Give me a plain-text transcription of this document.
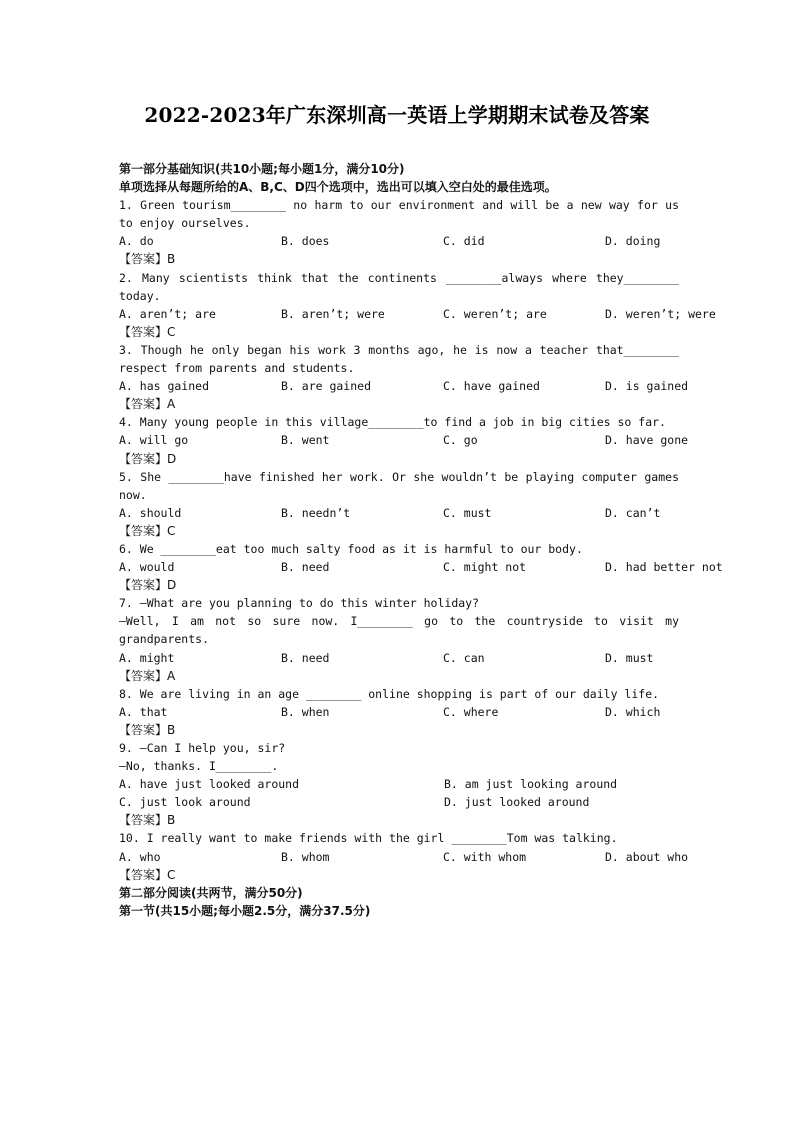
2022-2023年广东深圳高一英语上学期期末试卷及答案
第一部分基础知识(共10小题;每小题1分，满分10分)
单项选择从每题所给的A、B,C、D四个选项中，选出可以填入空白处的最佳选项。
1. Green tourism________ no harm to our environment and will be a new way for us to enjoy ourselves.
A. do	B. does	C. did	D. doing
【答案】B
2. Many scientists think that the continents ________always where they________ today.
A. aren’t; are	B. aren’t; were	C. weren’t; are	D. weren’t; were
【答案】C
3. Though he only began his work 3 months ago, he is now a teacher that________ respect from parents and students.
A. has gained	B. are gained	C. have gained	D. is gained
【答案】A
4. Many young people in this village________to find a job in big cities so far.
A. will go	B. went	C. go	D. have gone
【答案】D
5. She ________have finished her work. Or she wouldn’t be playing computer games now.
A. should	B. needn’t	C. must	D. can’t
【答案】C
6. We ________eat too much salty food as it is harmful to our body.
A. would	B. need	C. might not	D. had better not
【答案】D
7. —What are you planning to do this winter holiday?
—Well, I am not so sure now. I________ go to the countryside to visit my grandparents.
A. might	B. need	C. can	D. must
【答案】A
8. We are living in an age ________ online shopping is part of our daily life.
A. that	B. when	C. where	D. which
【答案】B
9. —Can I help you, sir?
—No, thanks. I________.
A. have just looked around	B. am just looking around
C. just look around	D. just looked around
【答案】B
10. I really want to make friends with the girl ________Tom was talking.
A. who	B. whom	C. with whom	D. about who
【答案】C
第二部分阅读(共两节，满分50分)
第一节(共15小题;每小题2.5分，满分37.5分)
